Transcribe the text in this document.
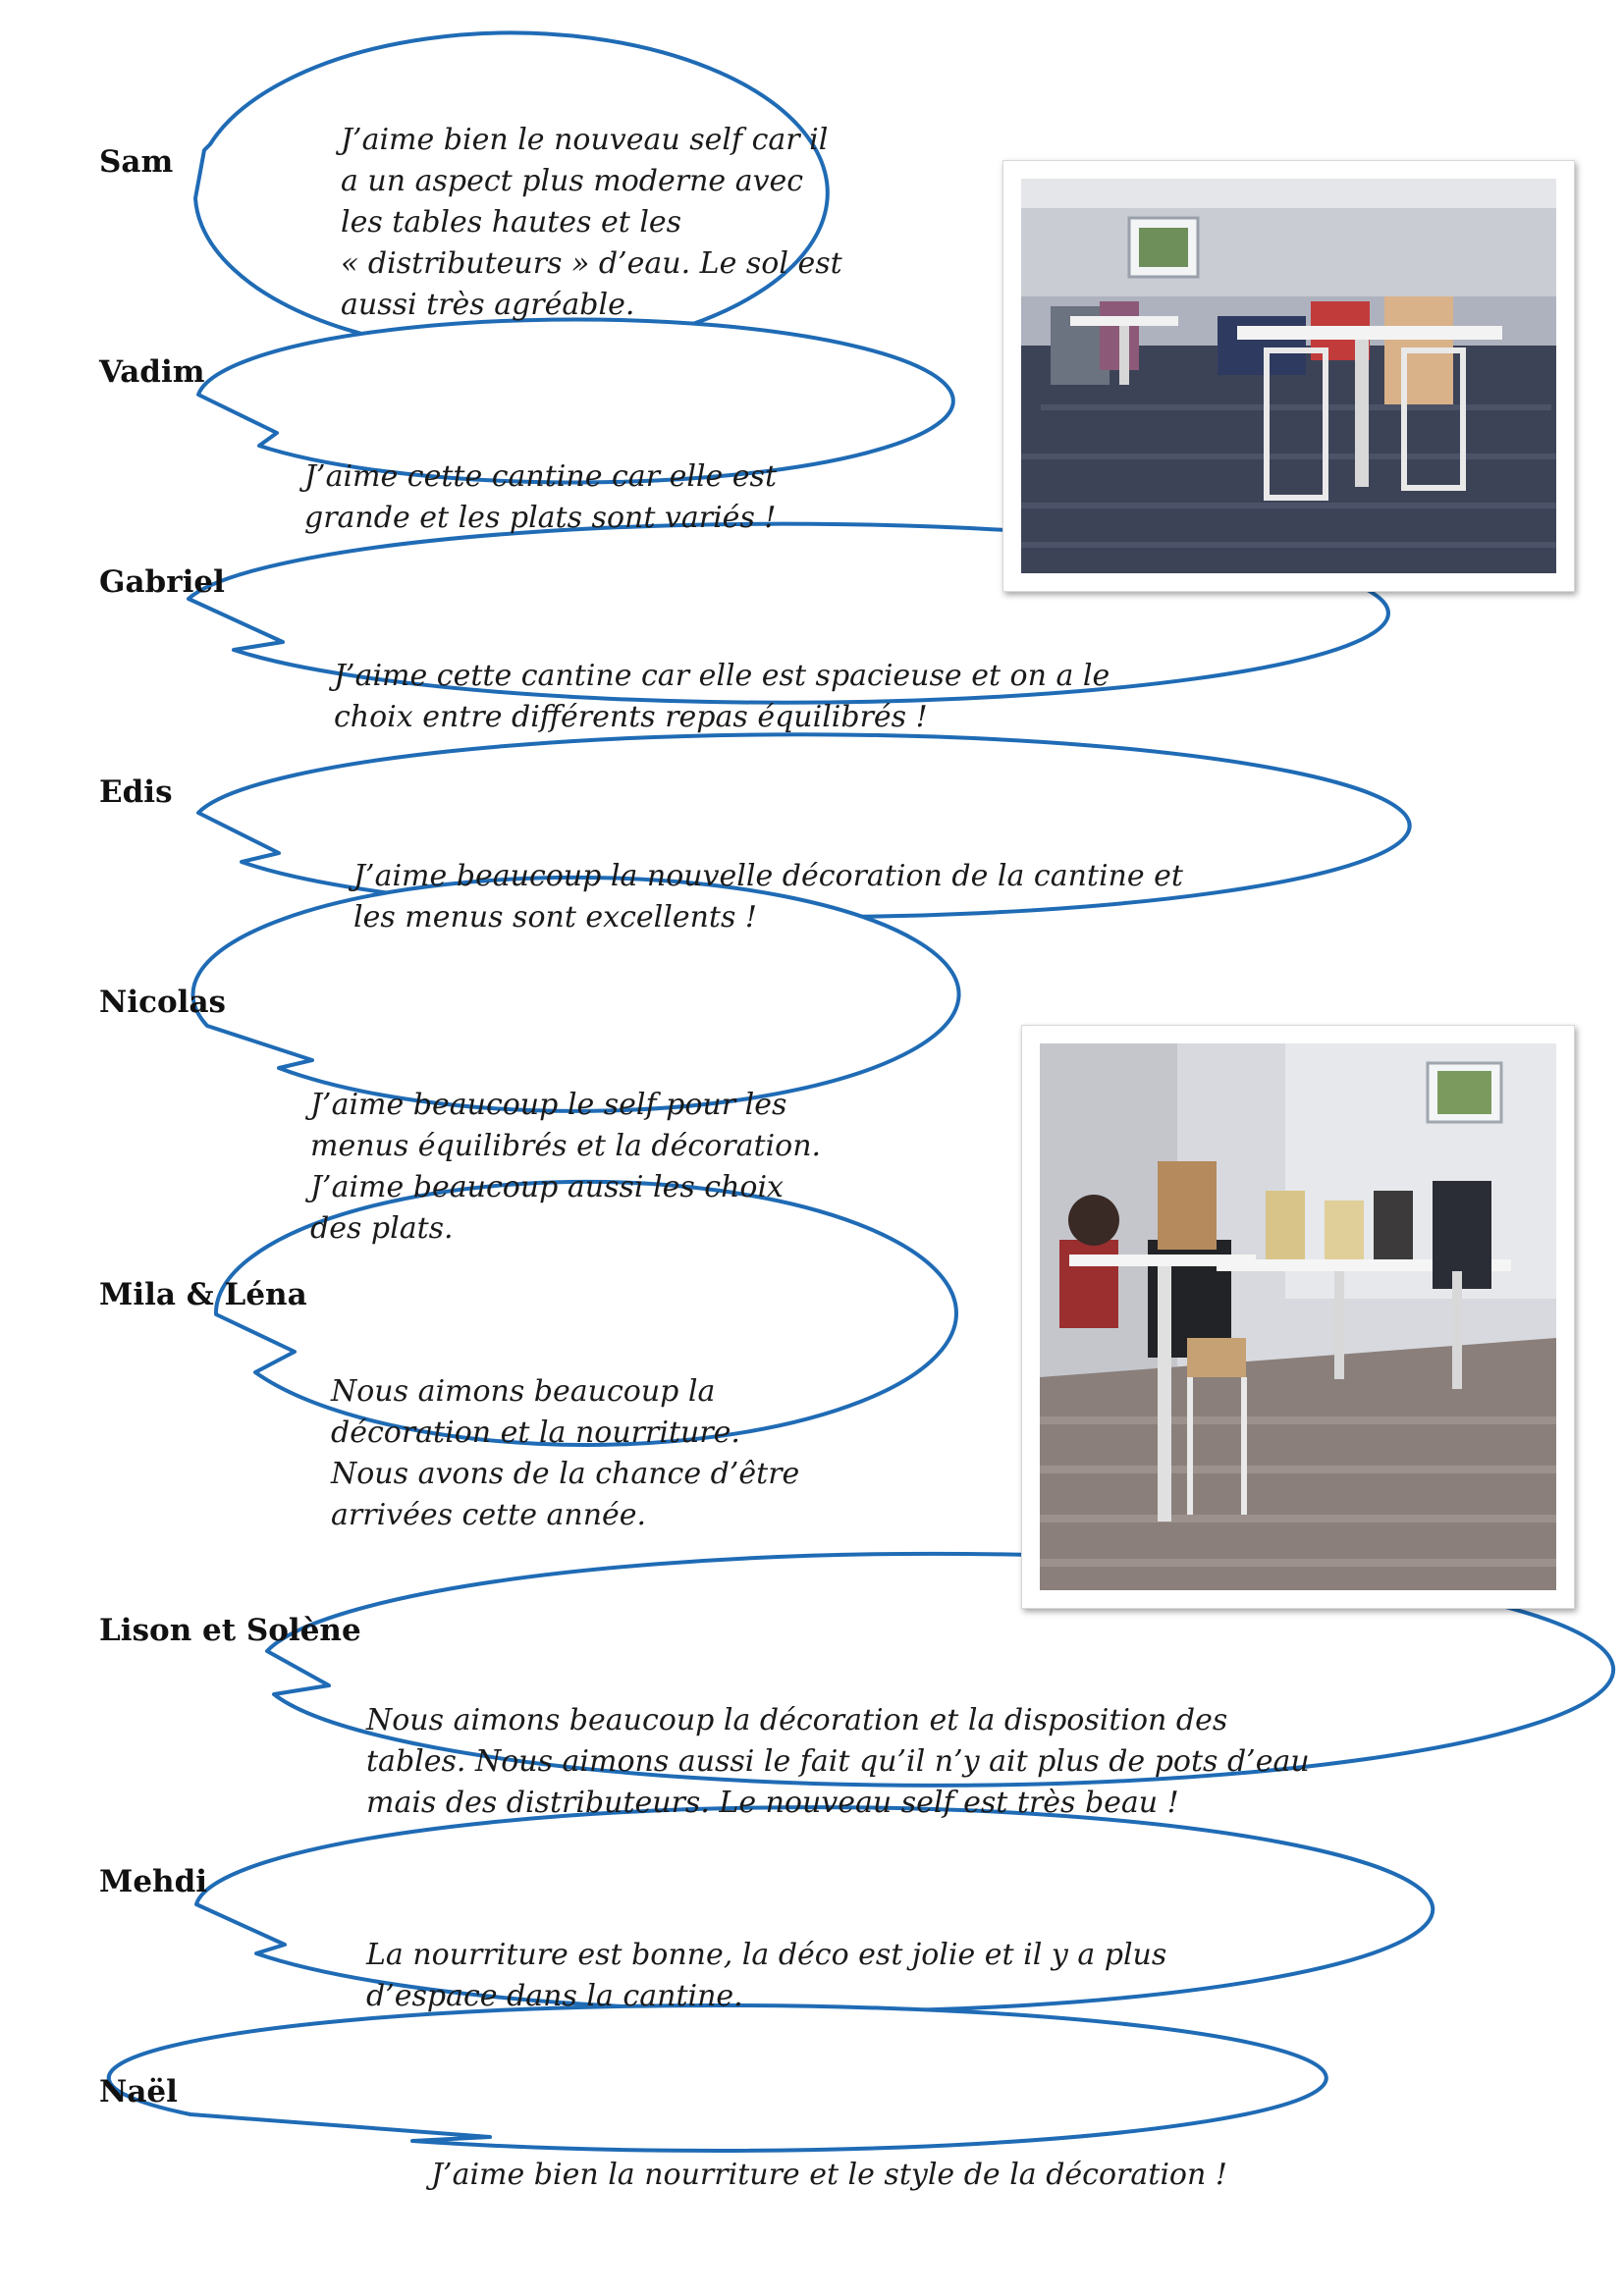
Sam
Vadim
Gabriel
Edis
Nicolas
Mila & Léna
Lison et Solène
Mehdi
Naël
J’aime bien le nouveau self car il
a un aspect plus moderne avec
les tables hautes et les
« distributeurs » d’eau. Le sol est
aussi très agréable.
J’aime cette cantine car elle est
grande et les plats sont variés !
J’aime cette cantine car elle est spacieuse et on a le
choix entre différents repas équilibrés !
J’aime beaucoup la nouvelle décoration de la cantine et
les menus sont excellents !
J’aime beaucoup le self pour les
menus équilibrés et la décoration.
J’aime beaucoup aussi les choix
des plats.
Nous aimons beaucoup la
décoration et la nourriture.
Nous avons de la chance d’être
arrivées cette année.
Nous aimons beaucoup la décoration et la disposition des
tables. Nous aimons aussi le fait qu’il n’y ait plus de pots d’eau
mais des distributeurs. Le nouveau self est très beau !
La nourriture est bonne, la déco est jolie et il y a plus
d’espace dans la cantine.
J’aime bien la nourriture et le style de la décoration !
